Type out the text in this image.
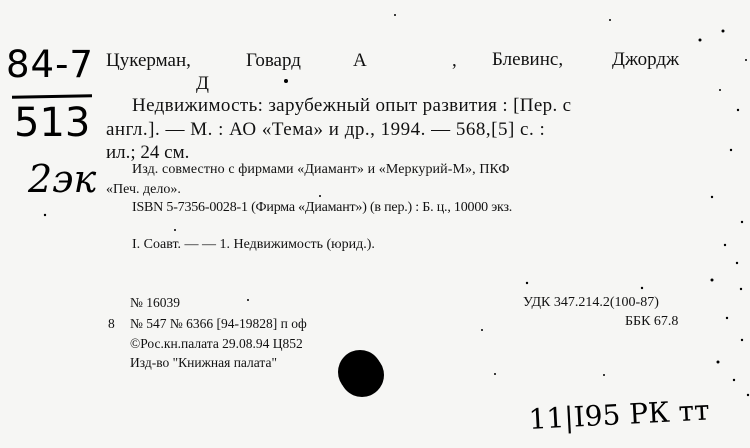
84-7
513
2эк
Цукерман,	Говард	А	, Блевинс,	Джордж
Д
Недвижимость: зарубежный опыт развития : [Пер. с
англ.]. — М. : АО «Тема» и др., 1994. — 568,[5] с. :
ил.; 24 см.
Изд. совместно с фирмами «Диамант» и «Меркурий-М», ПКФ
«Печ. дело».
ISBN 5-7356-0028-1 (Фирма «Диамант») (в пер.) : Б. ц., 10000 экз.
I. Соавт. — — 1. Недвижимость (юрид.).
№ 16039	УДК 347.214.2(100-87)
8 № 547 № 6366 [94-19828] п оф	ББК 67.8
©Рос.кн.палата 29.08.94 Ц852
Изд-во "Книжная палата"
11|I95 РК тт
